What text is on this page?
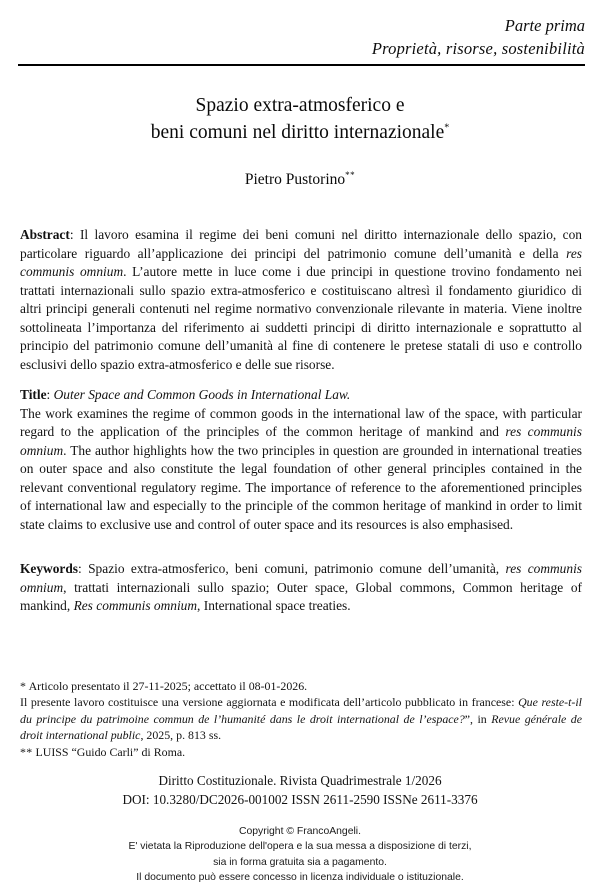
Parte prima
Proprietà, risorse, sostenibilità
Spazio extra-atmosferico e
beni comuni nel diritto internazionale*
Pietro Pustorino**
Abstract: Il lavoro esamina il regime dei beni comuni nel diritto internazionale dello spazio, con particolare riguardo all’applicazione dei principi del patrimonio comune dell’umanità e della res communis omnium. L’autore mette in luce come i due principi in questione trovino fondamento nei trattati internazionali sullo spazio extra-atmosferico e costituiscano altresì il fondamento giuridico di altri principi generali contenuti nel regime normativo convenzionale rilevante in materia. Viene inoltre sottolineata l’importanza del riferimento ai suddetti principi di diritto internazionale e soprattutto al principio del patrimonio comune dell’umanità al fine di contenere le pretese statali di uso e controllo esclusivi dello spazio extra-atmosferico e delle sue risorse.
Title: Outer Space and Common Goods in International Law.
The work examines the regime of common goods in the international law of the space, with particular regard to the application of the principles of the common heritage of mankind and res communis omnium. The author highlights how the two principles in question are grounded in international treaties on outer space and also constitute the legal foundation of other general principles contained in the relevant conventional regulatory regime. The importance of reference to the aforementioned principles of international law and especially to the principle of the common heritage of mankind in order to limit state claims to exclusive use and control of outer space and its resources is also emphasised.
Keywords: Spazio extra-atmosferico, beni comuni, patrimonio comune dell’umanità, res communis omnium, trattati internazionali sullo spazio; Outer space, Global commons, Common heritage of mankind, Res communis omnium, International space treaties.
* Articolo presentato il 27-11-2025; accettato il 08-01-2026.
Il presente lavoro costituisce una versione aggiornata e modificata dell’articolo pubblicato in francese: Que reste-t-il du principe du patrimoine commun de l’humanité dans le droit international de l’espace?”, in Revue générale de droit international public, 2025, p. 813 ss.
** LUISS “Guido Carli” di Roma.
Diritto Costituzionale. Rivista Quadrimestrale 1/2026
DOI: 10.3280/DC2026-001002 ISSN 2611-2590 ISSNe 2611-3376
Copyright © FrancoAngeli.
E' vietata la Riproduzione dell'opera e la sua messa a disposizione di terzi,
sia in forma gratuita sia a pagamento.
Il documento può essere concesso in licenza individuale o istituzionale.
